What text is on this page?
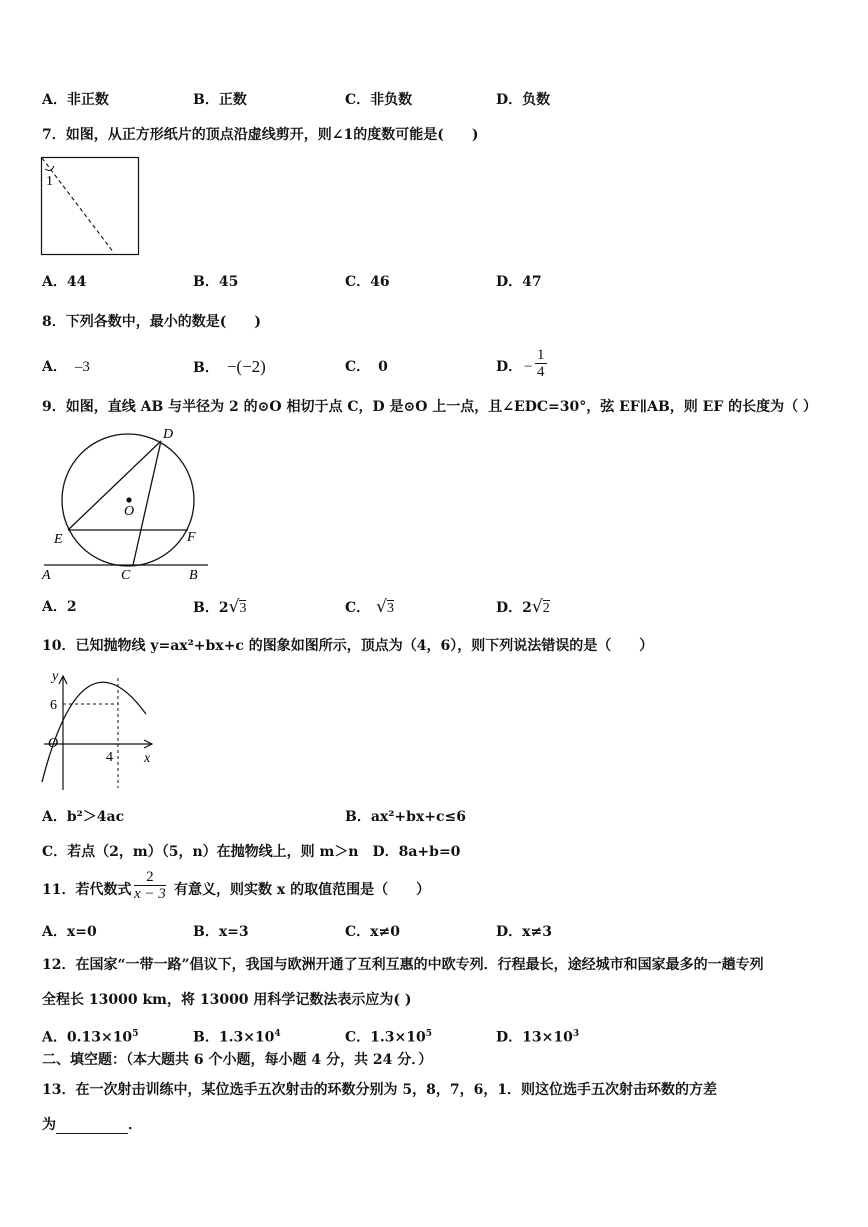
A．非正数	B．正数	C．非负数	D．负数
7．如图，从正方形纸片的顶点沿虚线剪开，则∠1的度数可能是(　　)
1
A．44	B．45	C．46	D．47
8．下列各数中，最小的数是(　　)
A． –3	B． −(−2)	C． 0	D． − $\frac{1}{4}$
9．如图，直线 AB 与半径为 2 的⊙O 相切于点 C，D 是⊙O 上一点，且∠EDC=30°，弦 EF∥AB，则 EF 的长度为（ ）
D
O
E	F
A	C	B
A．2	B．2√3	C． √3	D．2√2
10．已知抛物线 y=ax²+bx+c 的图象如图所示，顶点为（4，6），则下列说法错误的是（　　）
y
x
6
4
O
A．b²＞4ac	B．ax²+bx+c≤6
C．若点（2，m）（5，n）在抛物线上，则 m＞n　D．8a+b=0
11．若代数式 $\frac{2}{x - 3}$ 有意义，则实数 x 的取值范围是（　　）
A．x=0	B．x=3	C．x≠0	D．x≠3
12．在国家“一带一路”倡议下，我国与欧洲开通了互利互惠的中欧专列．行程最长，途经城市和国家最多的一趟专列
全程长 13000 km，将 13000 用科学记数法表示应为( )
A．$0.13\times 10^5$	B．$1.3\times 10^4$	C．$1.3\times 10^5$	D．$13\times 10^3$
二、填空题：（本大题共 6 个小题，每小题 4 分，共 24 分．）
13．在一次射击训练中，某位选手五次射击的环数分别为 5，8，7，6，1．则这位选手五次射击环数的方差
为	．
